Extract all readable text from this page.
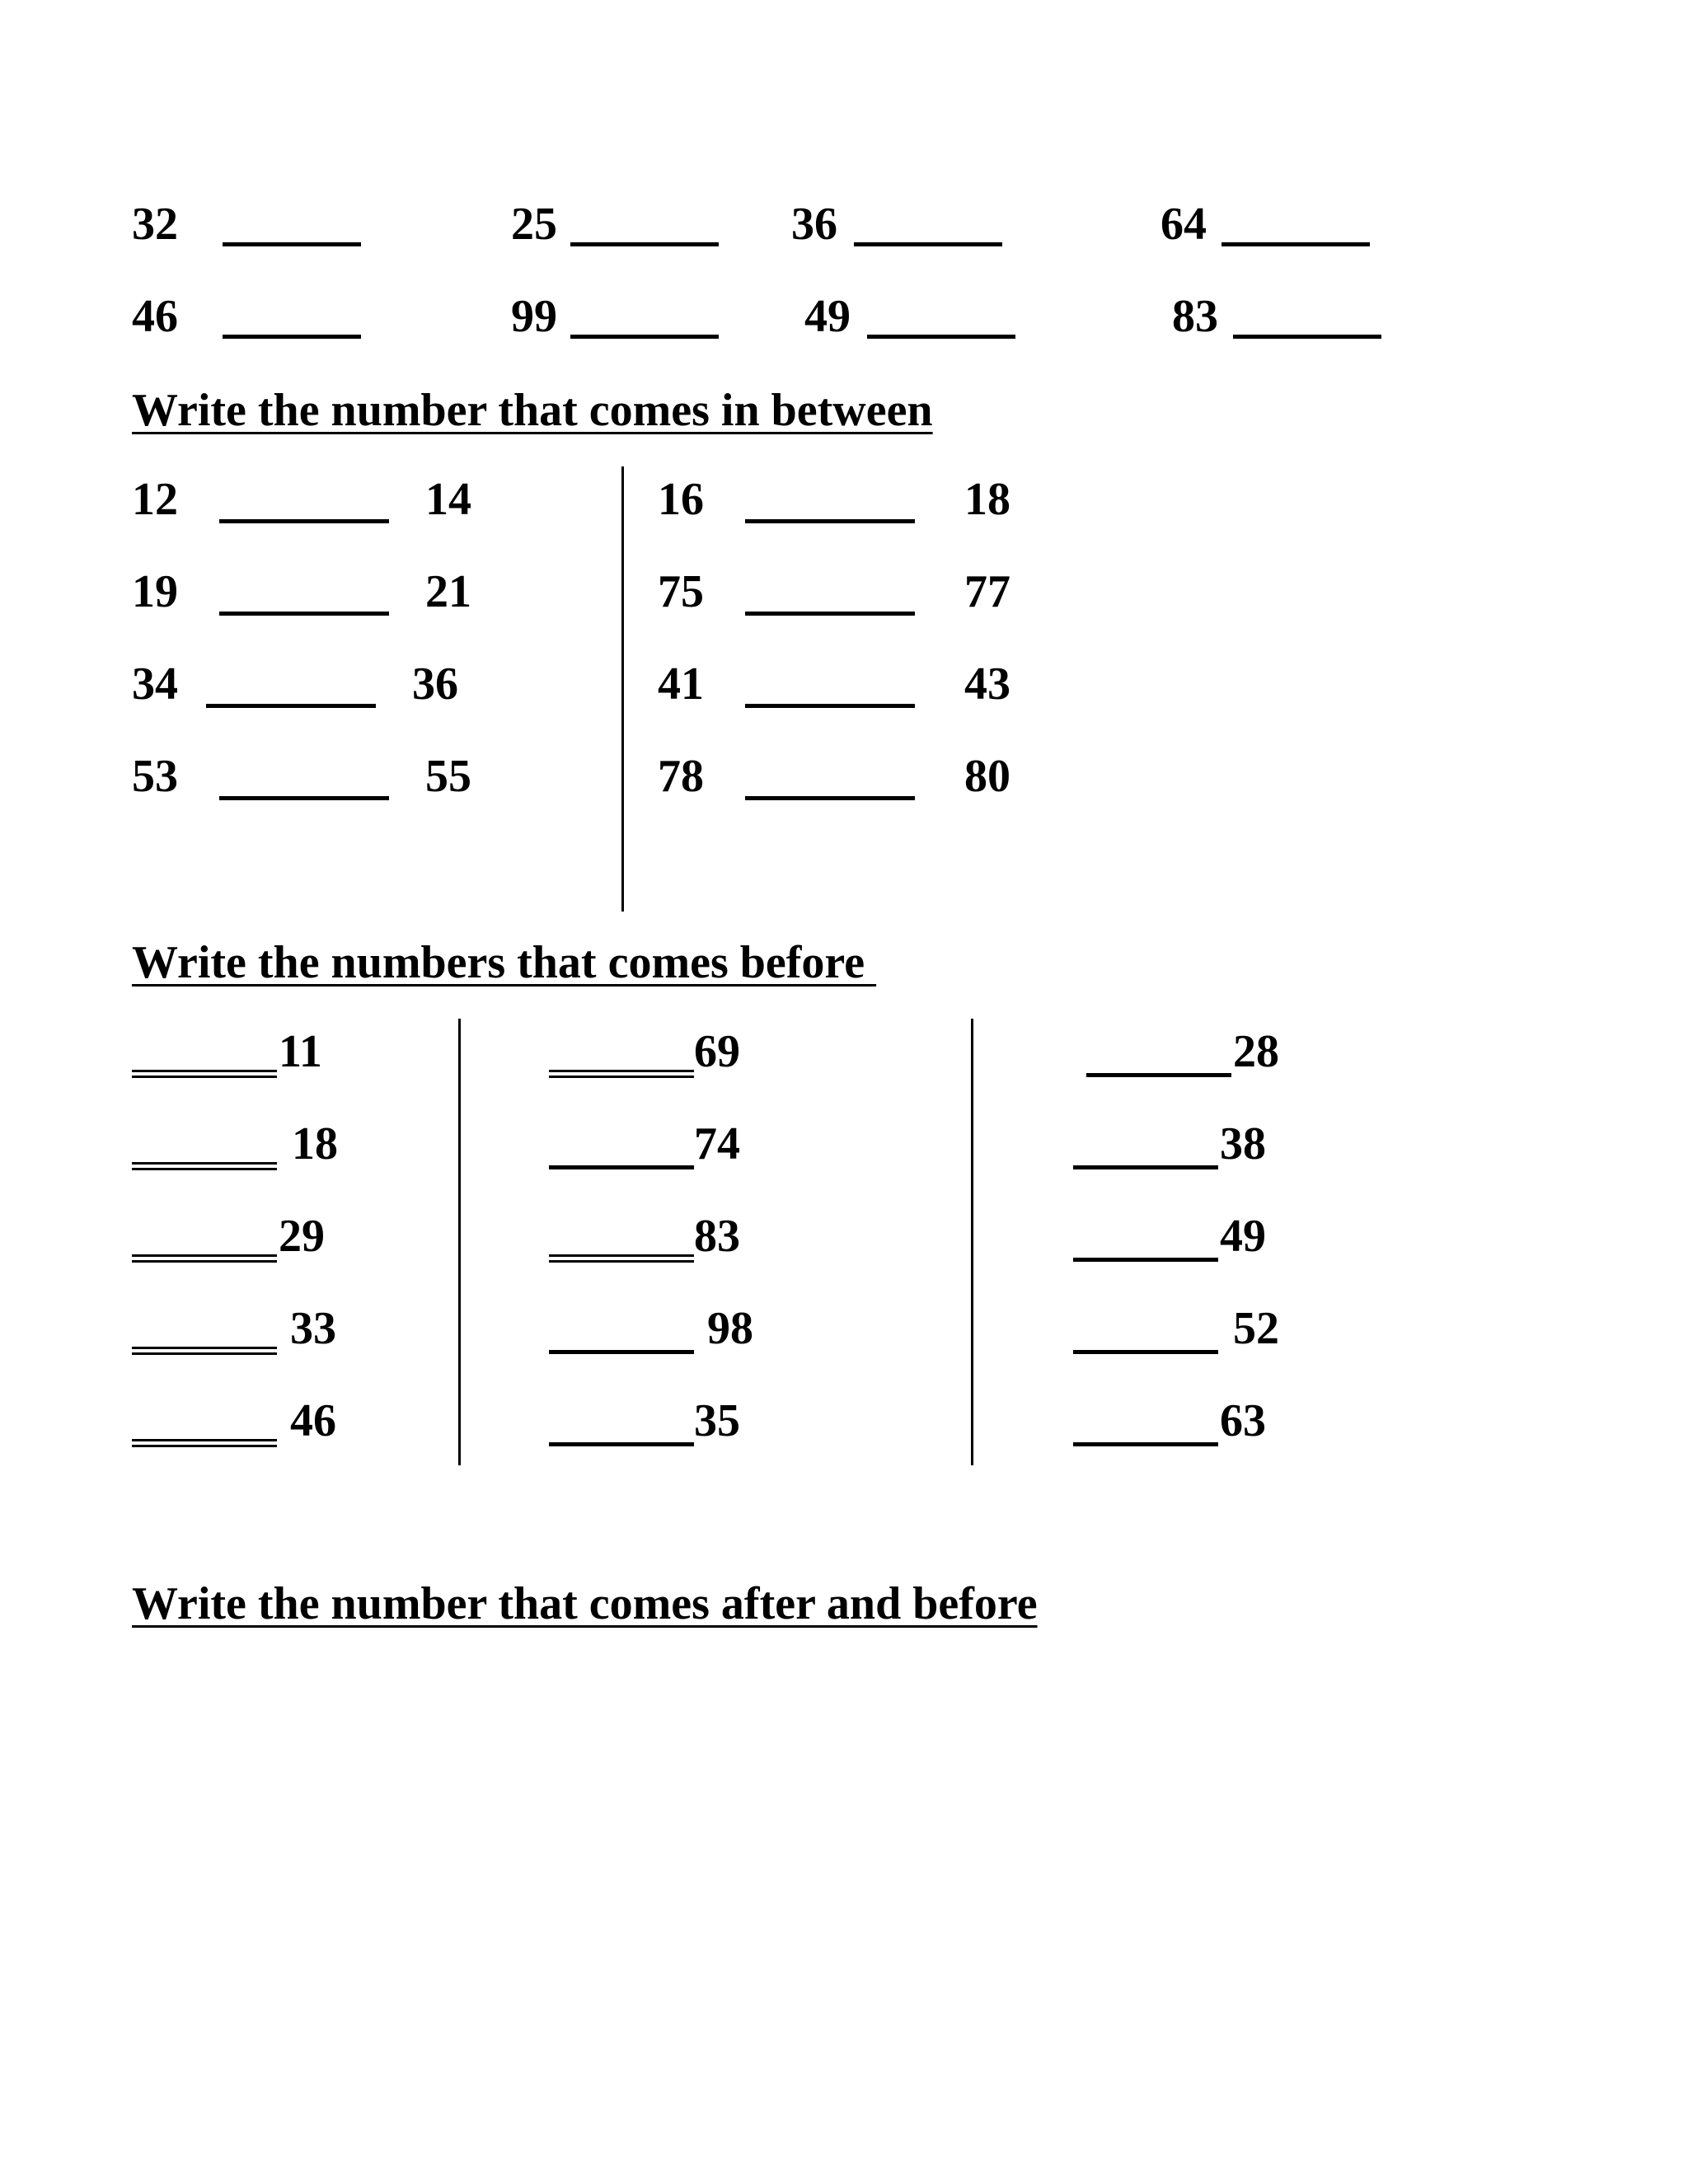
32	25	36	64
46	99	49	83
Write the number that comes in between
12	14
19	21
34	36
53	55
16	18
75	77
41	43
78	80
Write the numbers that comes before
11
18
29
33
46
69
74
83
98
35
28
38
49
52
63
Write the number that comes after and before
